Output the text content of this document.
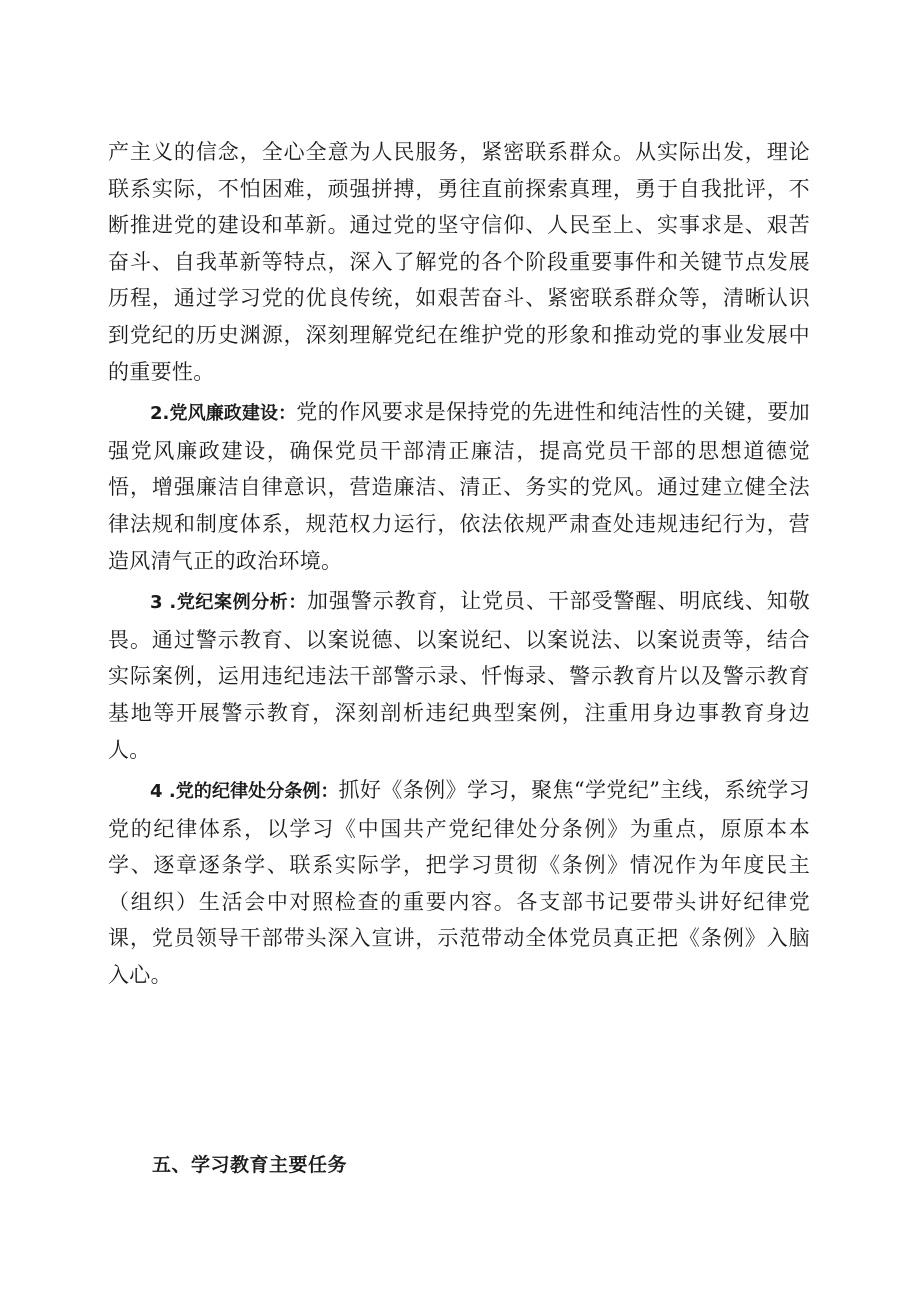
产主义的信念，全心全意为人民服务，紧密联系群众。从实际出发，理论联系实际，不怕困难，顽强拼搏，勇往直前探索真理，勇于自我批评，不断推进党的建设和革新。通过党的坚守信仰、人民至上、实事求是、艰苦奋斗、自我革新等特点，深入了解党的各个阶段重要事件和关键节点发展历程，通过学习党的优良传统，如艰苦奋斗、紧密联系群众等，清晰认识到党纪的历史渊源，深刻理解党纪在维护党的形象和推动党的事业发展中的重要性。

2.党风廉政建设：党的作风要求是保持党的先进性和纯洁性的关键，要加强党风廉政建设，确保党员干部清正廉洁，提高党员干部的思想道德觉悟，增强廉洁自律意识，营造廉洁、清正、务实的党风。通过建立健全法律法规和制度体系，规范权力运行，依法依规严肃查处违规违纪行为，营造风清气正的政治环境。

3 .党纪案例分析：加强警示教育，让党员、干部受警醒、明底线、知敬畏。通过警示教育、以案说德、以案说纪、以案说法、以案说责等，结合实际案例，运用违纪违法干部警示录、忏悔录、警示教育片以及警示教育基地等开展警示教育，深刻剖析违纪典型案例，注重用身边事教育身边人。

4 .党的纪律处分条例：抓好《条例》学习，聚焦“学党纪”主线，系统学习党的纪律体系，以学习《中国共产党纪律处分条例》为重点，原原本本学、逐章逐条学、联系实际学，把学习贯彻《条例》情况作为年度民主（组织）生活会中对照检查的重要内容。各支部书记要带头讲好纪律党课，党员领导干部带头深入宣讲，示范带动全体党员真正把《条例》入脑入心。

五、学习教育主要任务
